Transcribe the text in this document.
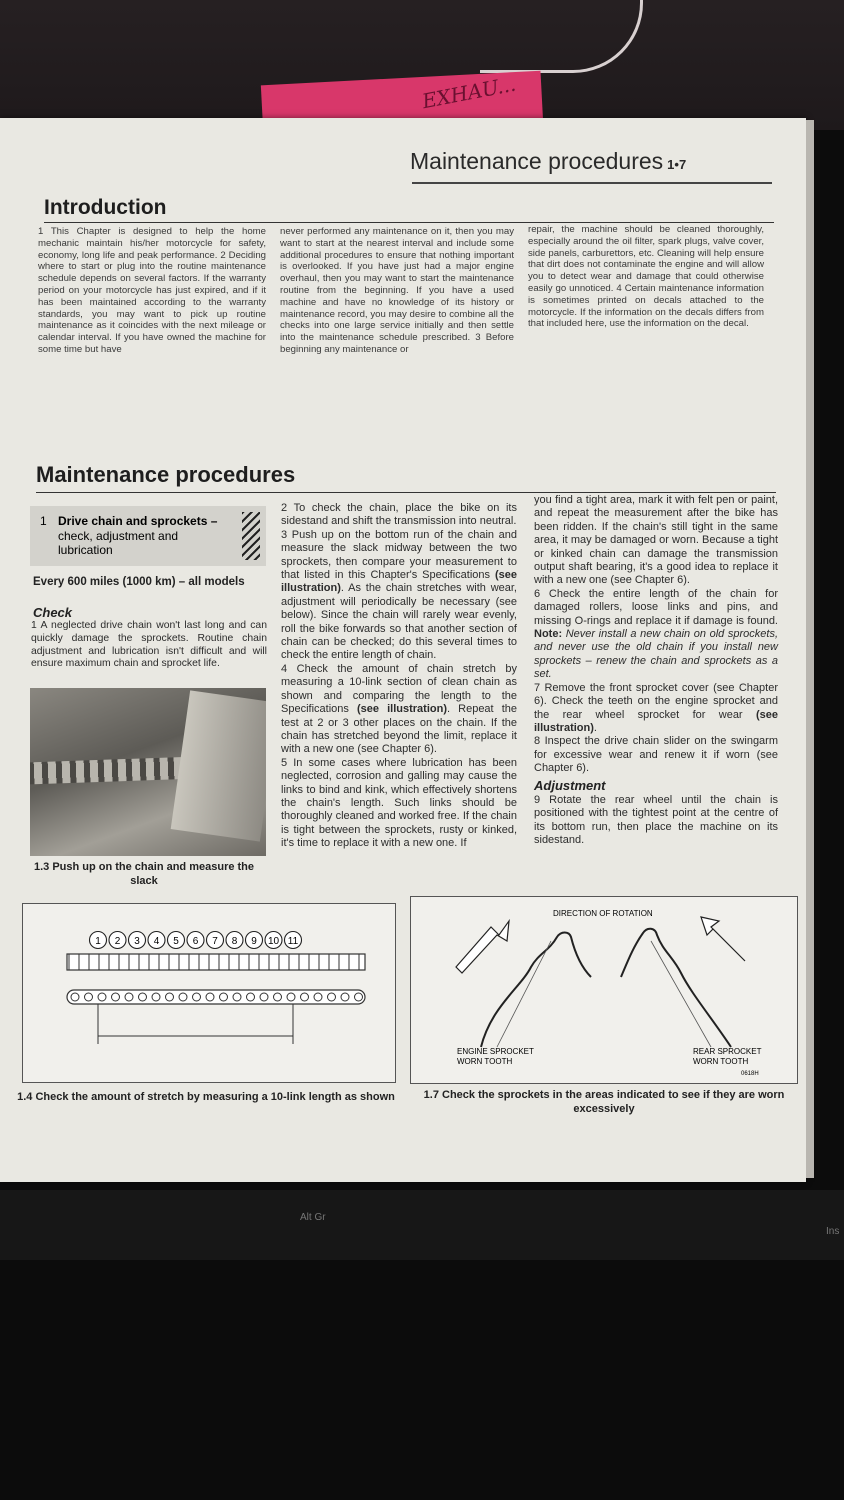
EXHAU...
Maintenance procedures 1•7
Introduction

1 This Chapter is designed to help the home mechanic maintain his/her motorcycle for safety, economy, long life and peak performance. 2 Deciding where to start or plug into the routine maintenance schedule depends on several factors. If the warranty period on your motorcycle has just expired, and if it has been maintained according to the warranty standards, you may want to pick up routine maintenance as it coincides with the next mileage or calendar interval. If you have owned the machine for some time but have

never performed any maintenance on it, then you may want to start at the nearest interval and include some additional procedures to ensure that nothing important is overlooked. If you have just had a major engine overhaul, then you may want to start the maintenance routine from the beginning. If you have a used machine and have no knowledge of its history or maintenance record, you may desire to combine all the checks into one large service initially and then settle into the maintenance schedule prescribed. 3 Before beginning any maintenance or

repair, the machine should be cleaned thoroughly, especially around the oil filter, spark plugs, valve cover, side panels, carburettors, etc. Cleaning will help ensure that dirt does not contaminate the engine and will allow you to detect wear and damage that could otherwise easily go unnoticed. 4 Certain maintenance information is sometimes printed on decals attached to the motorcycle. If the information on the decals differs from that included here, use the information on the decal.

Maintenance procedures
1 Drive chain and sprockets –
check, adjustment and lubrication
Every 600 miles (1000 km) – all models
Check

1 A neglected drive chain won't last long and can quickly damage the sprockets. Routine chain adjustment and lubrication isn't difficult and will ensure maximum chain and sprocket life.

1.3 Push up on the chain and measure the slack

2 To check the chain, place the bike on its sidestand and shift the transmission into neutral.

3 Push up on the bottom run of the chain and measure the slack midway between the two sprockets, then compare your measurement to that listed in this Chapter's Specifications (see illustration). As the chain stretches with wear, adjustment will periodically be necessary (see below). Since the chain will rarely wear evenly, roll the bike forwards so that another section of chain can be checked; do this several times to check the entire length of chain.

4 Check the amount of chain stretch by measuring a 10-link section of clean chain as shown and comparing the length to the Specifications (see illustration). Repeat the test at 2 or 3 other places on the chain. If the chain has stretched beyond the limit, replace it with a new one (see Chapter 6).

5 In some cases where lubrication has been neglected, corrosion and galling may cause the links to bind and kink, which effectively shortens the chain's length. Such links should be thoroughly cleaned and worked free. If the chain is tight between the sprockets, rusty or kinked, it's time to replace it with a new one. If

you find a tight area, mark it with felt pen or paint, and repeat the measurement after the bike has been ridden. If the chain's still tight in the same area, it may be damaged or worn. Because a tight or kinked chain can damage the transmission output shaft bearing, it's a good idea to replace it with a new one (see Chapter 6).

6 Check the entire length of the chain for damaged rollers, loose links and pins, and missing O-rings and replace it if damage is found. Note: Never install a new chain on old sprockets, and never use the old chain if you install new sprockets – renew the chain and sprockets as a set.

7 Remove the front sprocket cover (see Chapter 6). Check the teeth on the engine sprocket and the rear wheel sprocket for wear (see illustration).

8 Inspect the drive chain slider on the swingarm for excessive wear and renew it if worn (see Chapter 6).

Adjustment

9 Rotate the rear wheel until the chain is positioned with the tightest point at the centre of its bottom run, then place the machine on its sidestand.

1 2 3 4 5 6 7 8 9 10 11
1.4 Check the amount of stretch by measuring a 10-link length as shown
DIRECTION OF ROTATION
ENGINE SPROCKET
WORN TOOTH
REAR SPROCKET
WORN TOOTH
0618H
1.7 Check the sprockets in the areas indicated to see if they are worn excessively
Alt Gr
Ins
